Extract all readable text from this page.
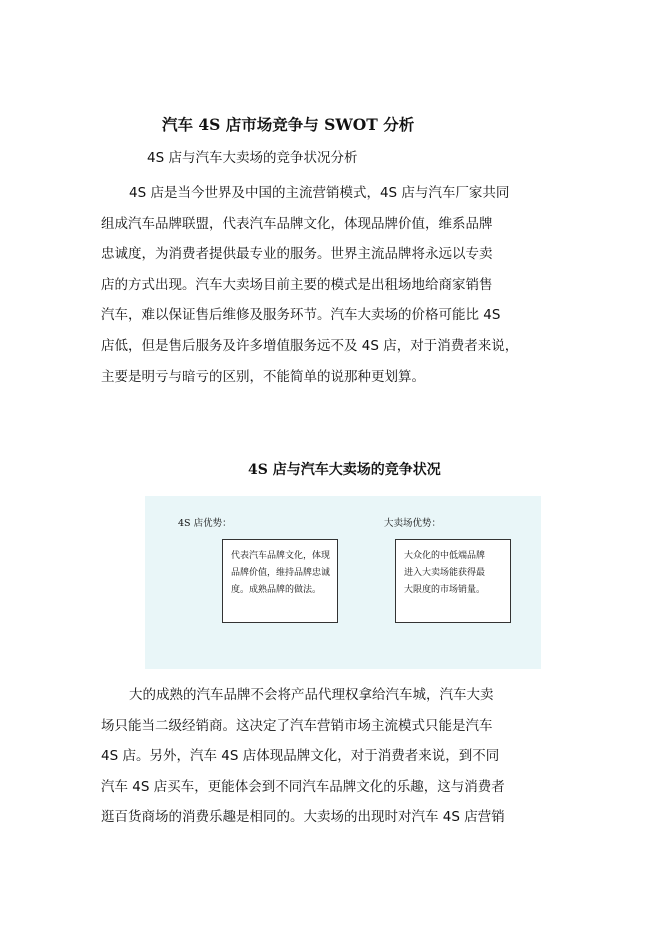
汽车 4S 店市场竞争与 SWOT 分析
4S 店与汽车大卖场的竞争状况分析
4S 店是当今世界及中国的主流营销模式，4S 店与汽车厂家共同
组成汽车品牌联盟，代表汽车品牌文化，体现品牌价值，维系品牌
忠诚度，为消费者提供最专业的服务。世界主流品牌将永远以专卖
店的方式出现。汽车大卖场目前主要的模式是出租场地给商家销售
汽车，难以保证售后维修及服务环节。汽车大卖场的价格可能比 4S
店低，但是售后服务及许多增值服务远不及 4S 店，对于消费者来说，
主要是明亏与暗亏的区别，不能简单的说那种更划算。
4S 店与汽车大卖场的竞争状况
4S 店优势：	大卖场优势：
代表汽车品牌文化，体现
品牌价值，维持品牌忠诚
度。成熟品牌的做法。
大众化的中低端品牌
进入大卖场能获得最
大限度的市场销量。
大的成熟的汽车品牌不会将产品代理权拿给汽车城，汽车大卖
场只能当二级经销商。这决定了汽车营销市场主流模式只能是汽车
4S 店。另外，汽车 4S 店体现品牌文化，对于消费者来说，到不同
汽车 4S 店买车，更能体会到不同汽车品牌文化的乐趣，这与消费者
逛百货商场的消费乐趣是相同的。大卖场的出现时对汽车 4S 店营销
